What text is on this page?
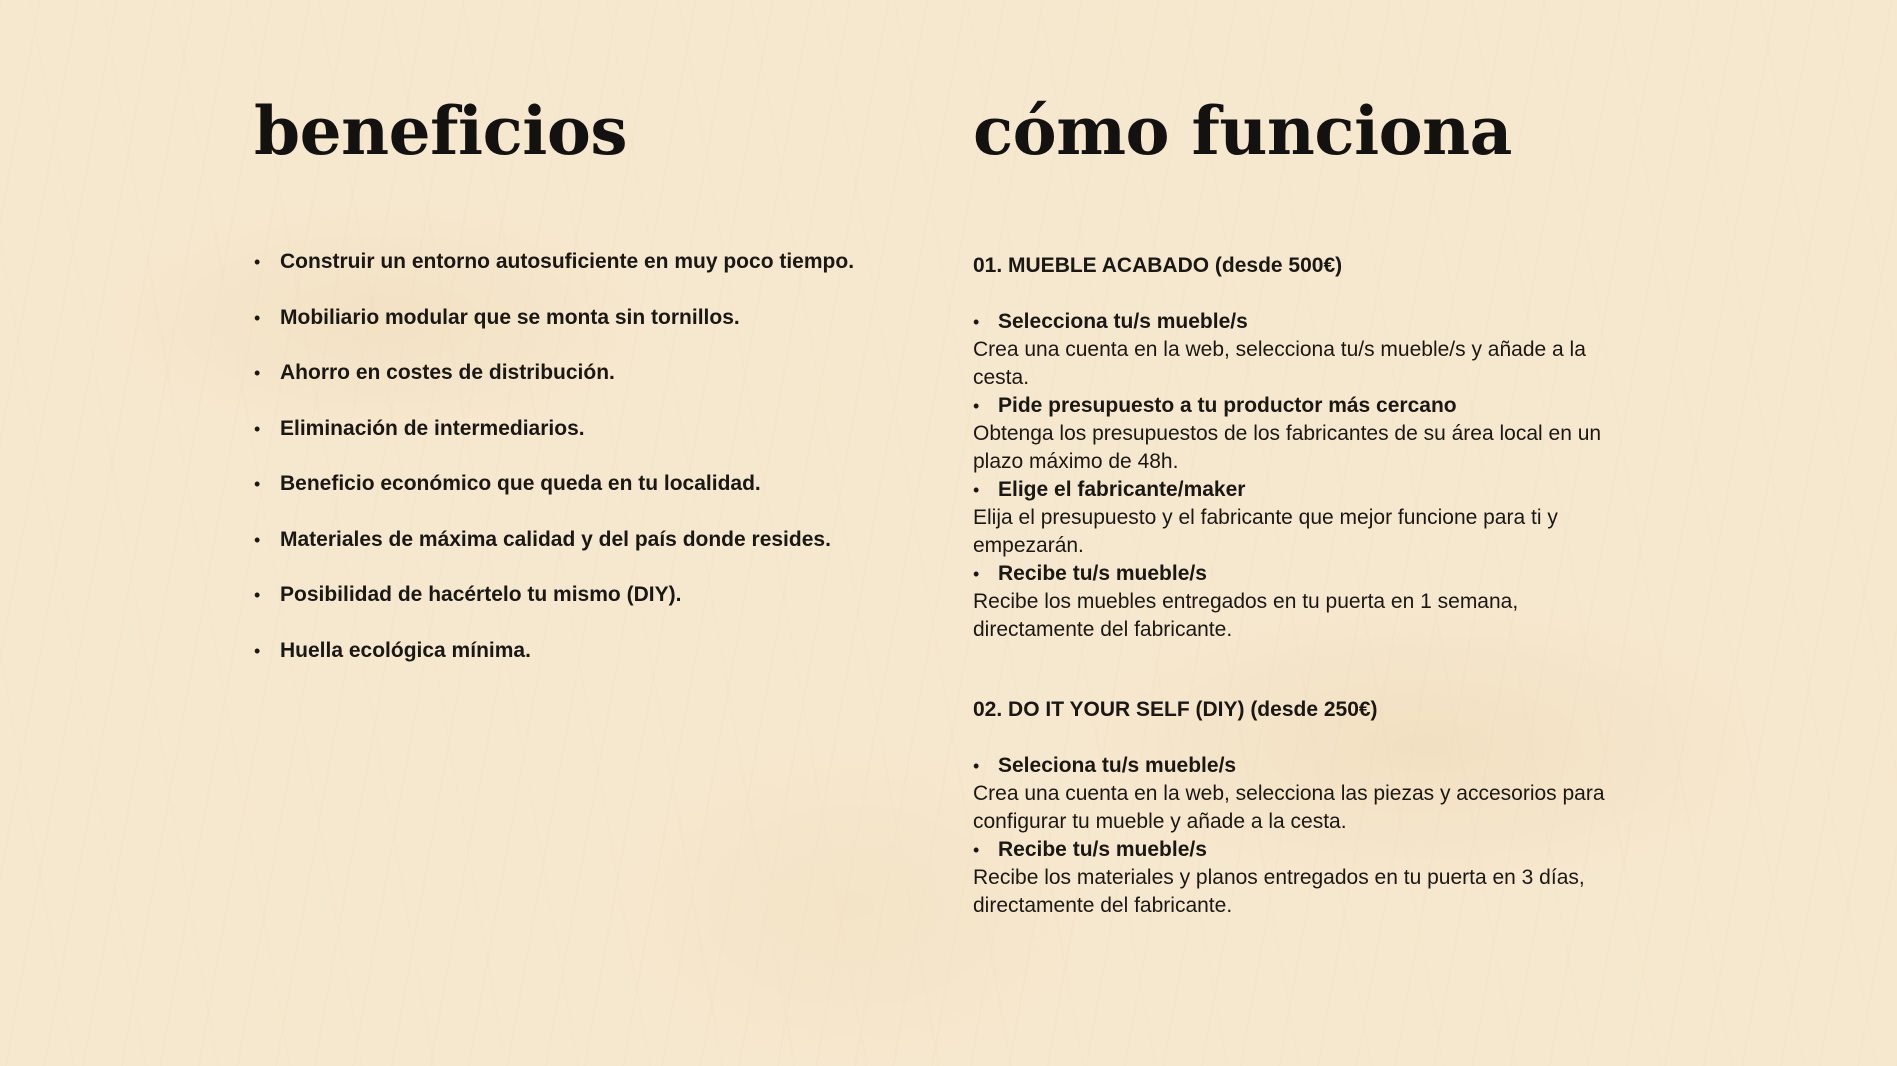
beneficios
• Construir un entorno autosuficiente en muy poco tiempo.
• Mobiliario modular que se monta sin tornillos.
• Ahorro en costes de distribución.
• Eliminación de intermediarios.
• Beneficio económico que queda en tu localidad.
• Materiales de máxima calidad y del país donde resides.
• Posibilidad de hacértelo tu mismo (DIY).
• Huella ecológica mínima.
cómo funciona
01. MUEBLE ACABADO (desde 500€)
• Selecciona tu/s mueble/s
Crea una cuenta en la web, selecciona tu/s mueble/s y añade a la
cesta.
• Pide presupuesto a tu productor más cercano
Obtenga los presupuestos de los fabricantes de su área local en un
plazo máximo de 48h.
• Elige el fabricante/maker
Elija el presupuesto y el fabricante que mejor funcione para ti y
empezarán.
• Recibe tu/s mueble/s
Recibe los muebles entregados en tu puerta en 1 semana,
directamente del fabricante.
02. DO IT YOUR SELF (DIY) (desde 250€)
• Seleciona tu/s mueble/s
Crea una cuenta en la web, selecciona las piezas y accesorios para
configurar tu mueble y añade a la cesta.
• Recibe tu/s mueble/s
Recibe los materiales y planos entregados en tu puerta en 3 días,
directamente del fabricante.
